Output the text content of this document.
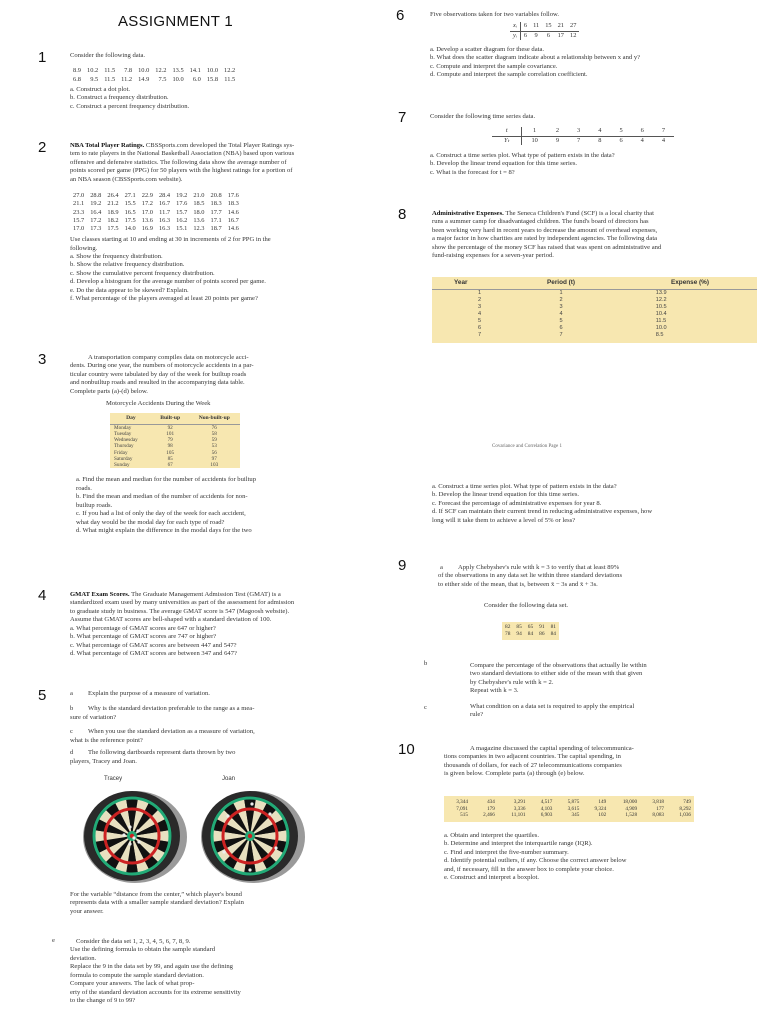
ASSIGNMENT 1
1	Consider the following data.
8.9	10.2	11.5	7.8	10.0	12.2	13.5	14.1	10.0	12.2
6.8	9.5	11.5	11.2	14.9	7.5	10.0	6.0	15.8	11.5
a. Construct a dot plot.
b. Construct a frequency distribution.
c. Construct a percent frequency distribution.
2	NBA Total Player Ratings. CBSSports.com developed the Total Player Ratings sys-
tem to rate players in the National Basketball Association (NBA) based upon various
offensive and defensive statistics. The following data show the average number of
points scored per game (PPG) for 50 players with the highest ratings for a portion of
an NBA season (CBSSports.com website).
27.0	28.8	26.4	27.1	22.9	28.4	19.2	21.0	20.8	17.6
21.1	19.2	21.2	15.5	17.2	16.7	17.6	18.5	18.3	18.3
23.3	16.4	18.9	16.5	17.0	11.7	15.7	18.0	17.7	14.6
15.7	17.2	18.2	17.5	13.6	16.3	16.2	13.6	17.1	16.7
17.0	17.3	17.5	14.0	16.9	16.3	15.1	12.3	18.7	14.6
Use classes starting at 10 and ending at 30 in increments of 2 for PPG in the
following.
a. Show the frequency distribution.
b. Show the relative frequency distribution.
c. Show the cumulative percent frequency distribution.
d. Develop a histogram for the average number of points scored per game.
e. Do the data appear to be skewed? Explain.
f. What percentage of the players averaged at least 20 points per game?
3	A transportation company compiles data on motorcycle acci-
dents. During one year, the numbers of motorcycle accidents in a par-
ticular country were tabulated by day of the week for builtup roads
and nonbuiltup roads and resulted in the accompanying data table.
Complete parts (a)-(d) below.
Motorcycle Accidents During the Week
Day	Built-up	Non-built-up
Monday	92	76
Tuesday	101	58
Wednesday	79	59
Thursday	98	53
Friday	105	56
Saturday	85	97
Sunday	67	103
a. Find the mean and median for the number of accidents for builtup
roads.
b. Find the mean and median of the number of accidents for non-
builtup roads.
c. If you had a list of only the day of the week for each accident,
what day would be the modal day for each type of road?
d. What might explain the difference in the modal days for the two
4	GMAT Exam Scores. The Graduate Management Admission Test (GMAT) is a
standardized exam used by many universities as part of the assessment for admission
to graduate study in business. The average GMAT score is 547 (Magoosh website).
Assume that GMAT scores are bell-shaped with a standard deviation of 100.
a. What percentage of GMAT scores are 647 or higher?
b. What percentage of GMAT scores are 747 or higher?
c. What percentage of GMAT scores are between 447 and 547?
d. What percentage of GMAT scores are between 347 and 647?
5	a Explain the purpose of a measure of variation.
b Why is the standard deviation preferable to the range as a mea-
sure of variation?
c When you use the standard deviation as a measure of variation,
what is the reference point?
d The following dartboards represent darts thrown by two
players, Tracey and Joan.
Tracey	Joan
For the variable “distance from the center,” which player's bound
represents data with a smaller sample standard deviation? Explain
your answer.
e	Consider the data set 1, 2, 3, 4, 5, 6, 7, 8, 9.
Use the defining formula to obtain the sample standard
deviation.
Replace the 9 in the data set by 99, and again use the defining
formula to compute the sample standard deviation.
Compare your answers. The lack of what prop-
erty of the standard deviation accounts for its extreme sensitivity
to the change of 9 to 99?
6	Five observations taken for two variables follow.
xᵢ	6	11	15	21	27
yᵢ	6	9	6	17	12
a. Develop a scatter diagram for these data.
b. What does the scatter diagram indicate about a relationship between x and y?
c. Compute and interpret the sample covariance.
d. Compute and interpret the sample correlation coefficient.
7	Consider the following time series data.
t	1	2	3	4	5	6	7
Yₜ	10	9	7	8	6	4	4
a. Construct a time series plot. What type of pattern exists in the data?
b. Develop the linear trend equation for this time series.
c. What is the forecast for t = 8?
8	Administrative Expenses. The Seneca Children's Fund (SCF) is a local charity that
runs a summer camp for disadvantaged children. The fund's board of directors has
been working very hard in recent years to decrease the amount of overhead expenses,
a major factor in how charities are rated by independent agencies. The following data
show the percentage of the money SCF has raised that was spent on administrative and
fund-raising expenses for a seven-year period.
Year	Period (t)	Expense (%)
1	1	13.9
2	2	12.2
3	3	10.5
4	4	10.4
5	5	11.5
6	6	10.0
7	7	8.5
Covariance and Correlation Page 1
a. Construct a time series plot. What type of pattern exists in the data?
b. Develop the linear trend equation for this time series.
c. Forecast the percentage of administrative expenses for year 8.
d. If SCF can maintain their current trend in reducing administrative expenses, how
long will it take them to achieve a level of 5% or less?
9	a	Apply Chebyshev's rule with k = 3 to verify that at least 89%
of the observations in any data set lie within three standard deviations
to either side of the mean, that is, between x̄ − 3s and x̄ + 3s.
Consider the following data set.
82	85	65	91	81
78	94	84	86	84
b	Compare the percentage of the observations that actually lie within
two standard deviations to either side of the mean with that given
by Chebyshev's rule with k = 2.
Repeat with k = 3.
c	What condition on a data set is required to apply the empirical
rule?
10	A magazine discussed the capital spending of telecommunica-
tions companies in two adjacent countries. The capital spending, in
thousands of dollars, for each of 27 telecommunications companies
is given below. Complete parts (a) through (e) below.
3,344	434	3,291	4,517	5,875	149	18,000	3,818	749
7,091	179	3,336	4,103	3,615	9,324	4,909	177	8,292
515	2,466	11,101	6,903	345	102	1,528	8,083	1,036
a. Obtain and interpret the quartiles.
b. Determine and interpret the interquartile range (IQR).
c. Find and interpret the five-number summary.
d. Identify potential outliers, if any. Choose the correct answer below
and, if necessary, fill in the answer box to complete your choice.
e. Construct and interpret a boxplot.
